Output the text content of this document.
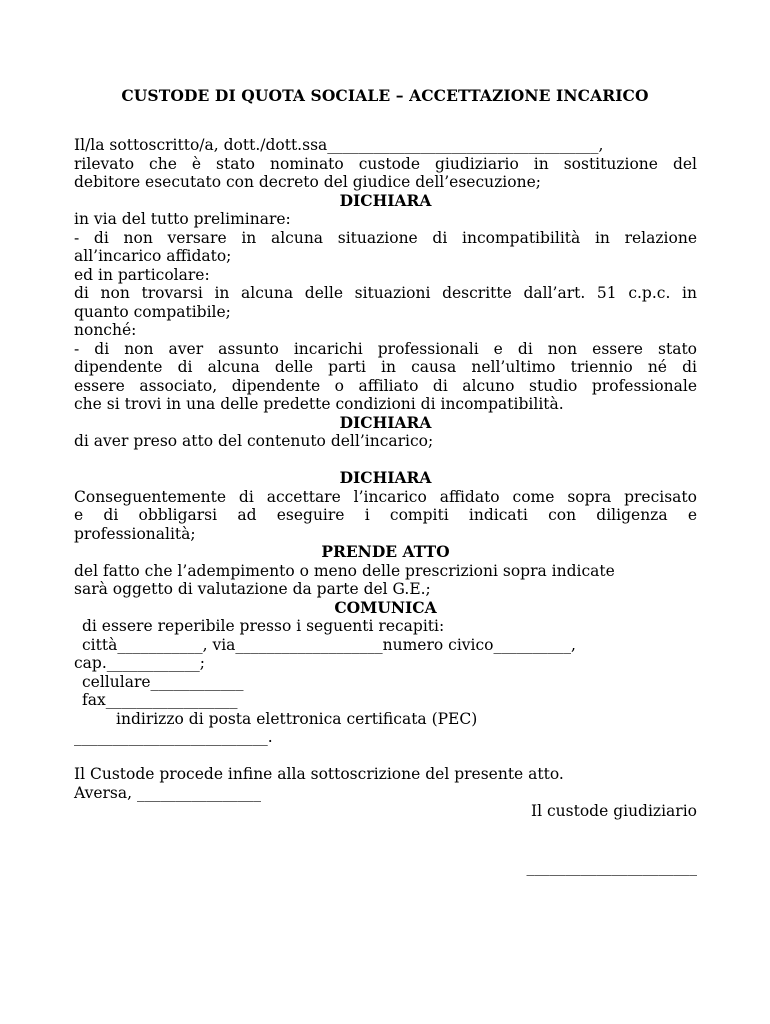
CUSTODE DI QUOTA SOCIALE – ACCETTAZIONE INCARICO
Il/la sottoscritto/a, dott./dott.ssa___________________________________,
rilevato che è stato nominato custode giudiziario in sostituzione del
debitore esecutato con decreto del giudice dell’esecuzione;
DICHIARA
in via del tutto preliminare:
- di non versare in alcuna situazione di incompatibilità in relazione
all’incarico affidato;
ed in particolare:
di non trovarsi in alcuna delle situazioni descritte dall’art. 51 c.p.c. in
quanto compatibile;
nonché:
- di non aver assunto incarichi professionali e di non essere stato
dipendente di alcuna delle parti in causa nell’ultimo triennio né di
essere associato, dipendente o affiliato di alcuno studio professionale
che si trovi in una delle predette condizioni di incompatibilità.
DICHIARA
di aver preso atto del contenuto dell’incarico;
DICHIARA
Conseguentemente di accettare l’incarico affidato come sopra precisato
e di obbligarsi ad eseguire i compiti indicati con diligenza e
professionalità;
PRENDE ATTO
del fatto che l’adempimento o meno delle prescrizioni sopra indicate
sarà oggetto di valutazione da parte del G.E.;
COMUNICA
di essere reperibile presso i seguenti recapiti:
città___________, via___________________numero civico__________,
cap.____________;
cellulare____________
fax_________________
indirizzo di posta elettronica certificata (PEC)
_________________________.
Il Custode procede infine alla sottoscrizione del presente atto.
Aversa, ________________
Il custode giudiziario
______________________
